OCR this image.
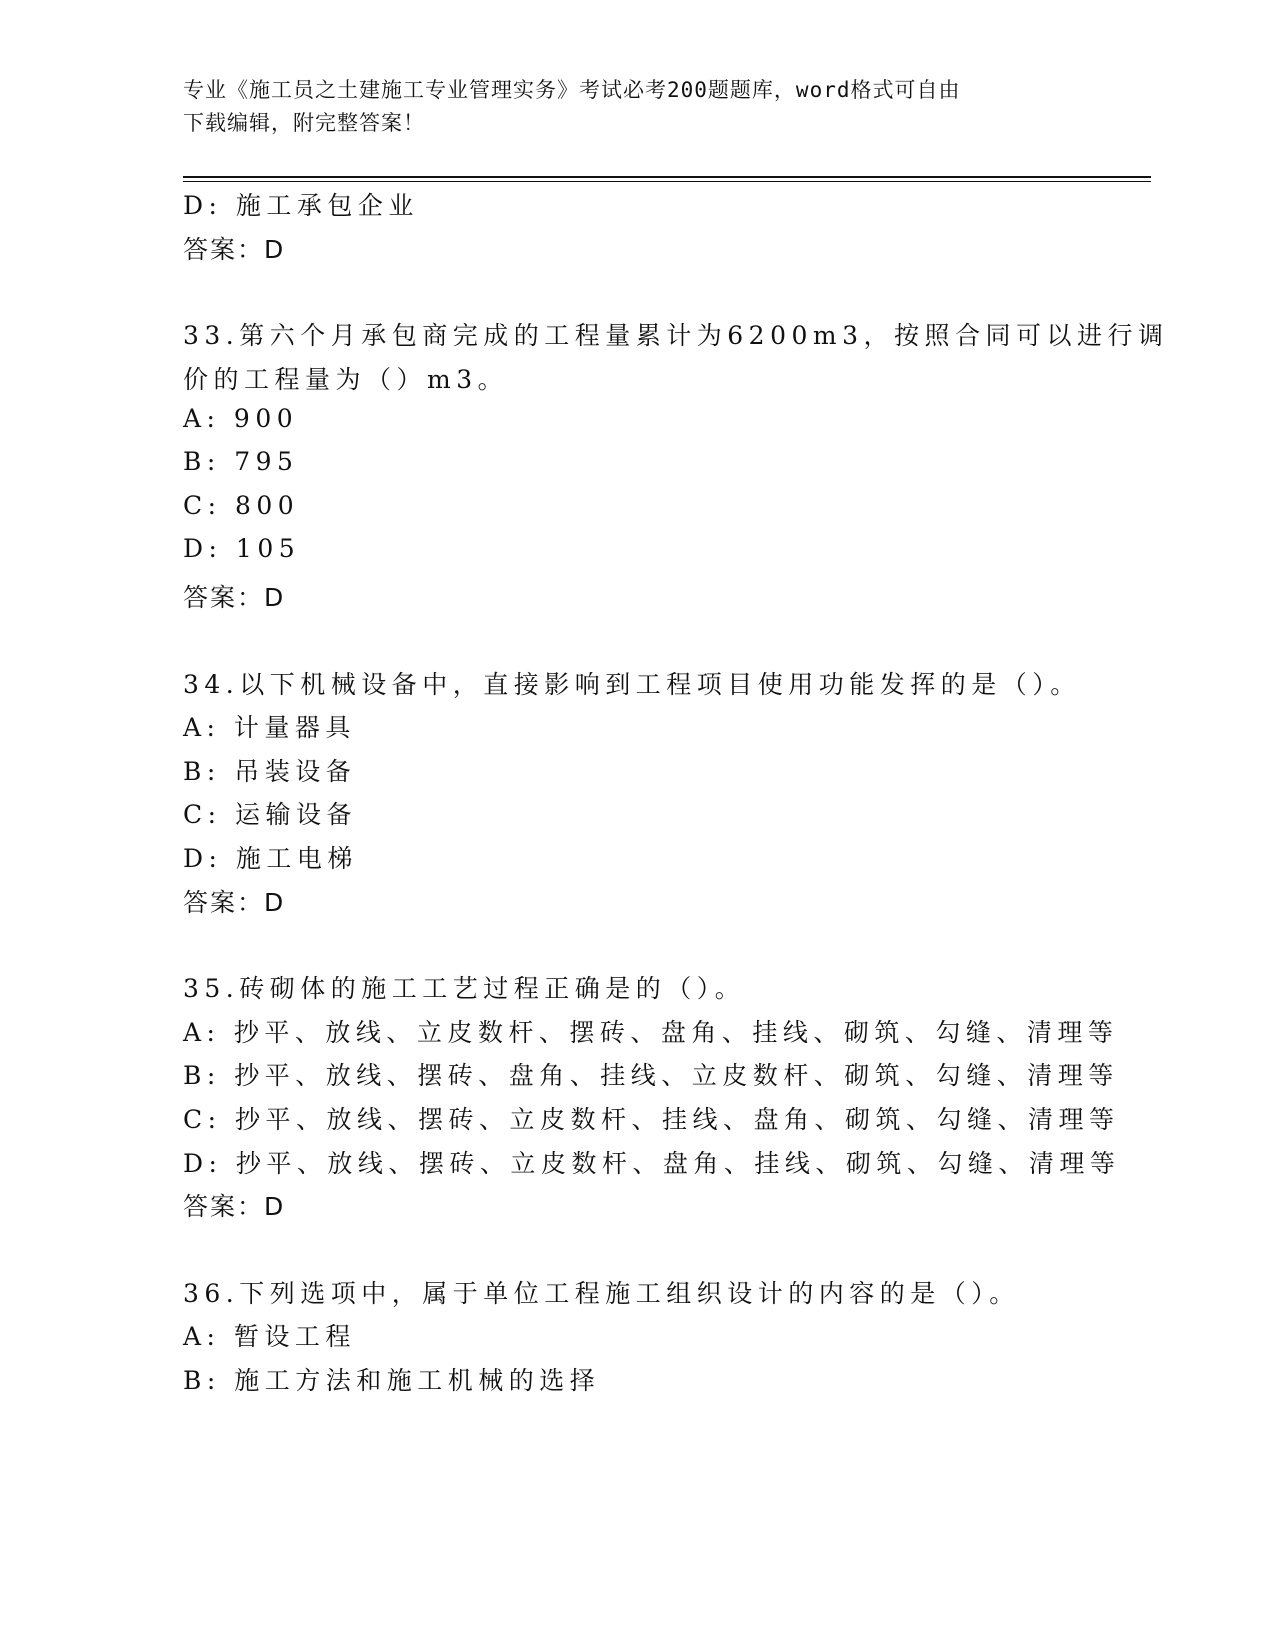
专业《施工员之土建施工专业管理实务》考试必考200题题库，word格式可自由
下载编辑，附完整答案！
D: 施工承包企业
答案：D
33.第六个月承包商完成的工程量累计为6200m3，按照合同可以进行调
价的工程量为（）m3。
A: 900
B: 795
C: 800
D: 105
答案：D
34.以下机械设备中，直接影响到工程项目使用功能发挥的是（）。
A: 计量器具
B: 吊装设备
C: 运输设备
D: 施工电梯
答案：D
35.砖砌体的施工工艺过程正确是的（）。
A: 抄平、放线、立皮数杆、摆砖、盘角、挂线、砌筑、勾缝、清理等
B: 抄平、放线、摆砖、盘角、挂线、立皮数杆、砌筑、勾缝、清理等
C: 抄平、放线、摆砖、立皮数杆、挂线、盘角、砌筑、勾缝、清理等
D: 抄平、放线、摆砖、立皮数杆、盘角、挂线、砌筑、勾缝、清理等
答案：D
36.下列选项中，属于单位工程施工组织设计的内容的是（）。
A: 暂设工程
B: 施工方法和施工机械的选择
